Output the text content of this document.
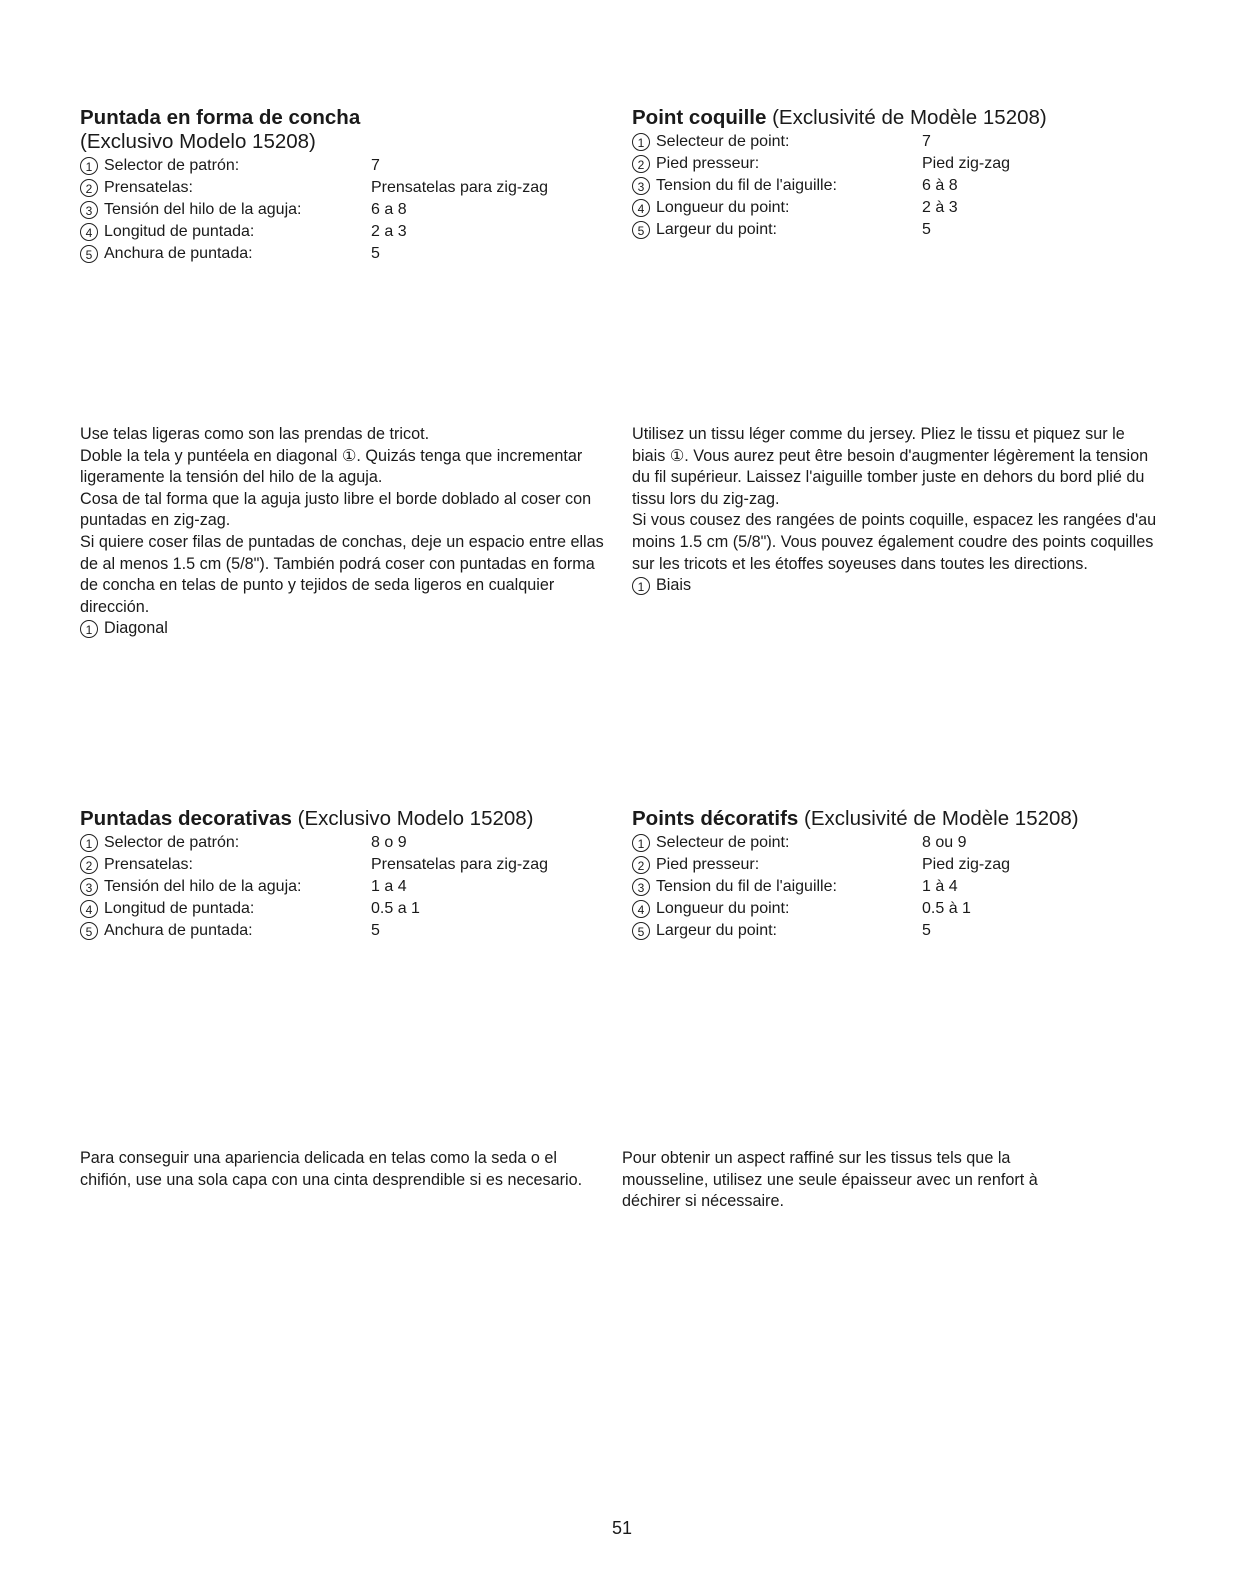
Puntada en forma de concha
(Exclusivo Modelo 15208)
1 Selector de patrón:	7
2 Prensatelas:	Prensatelas para zig-zag
3 Tensión del hilo de la aguja:	6 a 8
4 Longitud de puntada:	2 a 3
5 Anchura de puntada:	5
Point coquille (Exclusivité de Modèle 15208)
1 Selecteur de point:	7
2 Pied presseur:	Pied zig-zag
3 Tension du fil de l'aiguille:	6 à 8
4 Longueur du point:	2 à 3
5 Largeur du point:	5

Use telas ligeras como son las prendas de tricot.

Doble la tela y puntéela en diagonal ①. Quizás tenga que incrementar ligeramente la tensión del hilo de la aguja.

Cosa de tal forma que la aguja justo libre el borde doblado al coser con puntadas en zig-zag.

Si quiere coser filas de puntadas de conchas, deje un espacio entre ellas de al menos 1.5 cm (5/8"). También podrá coser con puntadas en forma de concha en telas de punto y tejidos de seda ligeros en cualquier dirección.

1 Diagonal

Utilisez un tissu léger comme du jersey. Pliez le tissu et piquez sur le biais ①. Vous aurez peut être besoin d'augmenter légèrement la tension du fil supérieur. Laissez l'aiguille tomber juste en dehors du bord plié du tissu lors du zig-zag.

Si vous cousez des rangées de points coquille, espacez les rangées d'au moins 1.5 cm (5/8"). Vous pouvez également coudre des points coquilles sur les tricots et les étoffes soyeuses dans toutes les directions.

1 Biais
Puntadas decorativas (Exclusivo Modelo 15208)
1 Selector de patrón:	8 o 9
2 Prensatelas:	Prensatelas para zig-zag
3 Tensión del hilo de la aguja:	1 a 4
4 Longitud de puntada:	0.5 a 1
5 Anchura de puntada:	5
Points décoratifs (Exclusivité de Modèle 15208)
1 Selecteur de point:	8 ou 9
2 Pied presseur:	Pied zig-zag
3 Tension du fil de l'aiguille:	1 à 4
4 Longueur du point:	0.5 à 1
5 Largeur du point:	5

Para conseguir una apariencia delicada en telas como la seda o el chifión, use una sola capa con una cinta desprendible si es necesario.

Pour obtenir un aspect raffiné sur les tissus tels que la mousseline, utilisez une seule épaisseur avec un renfort à déchirer si nécessaire.

51
